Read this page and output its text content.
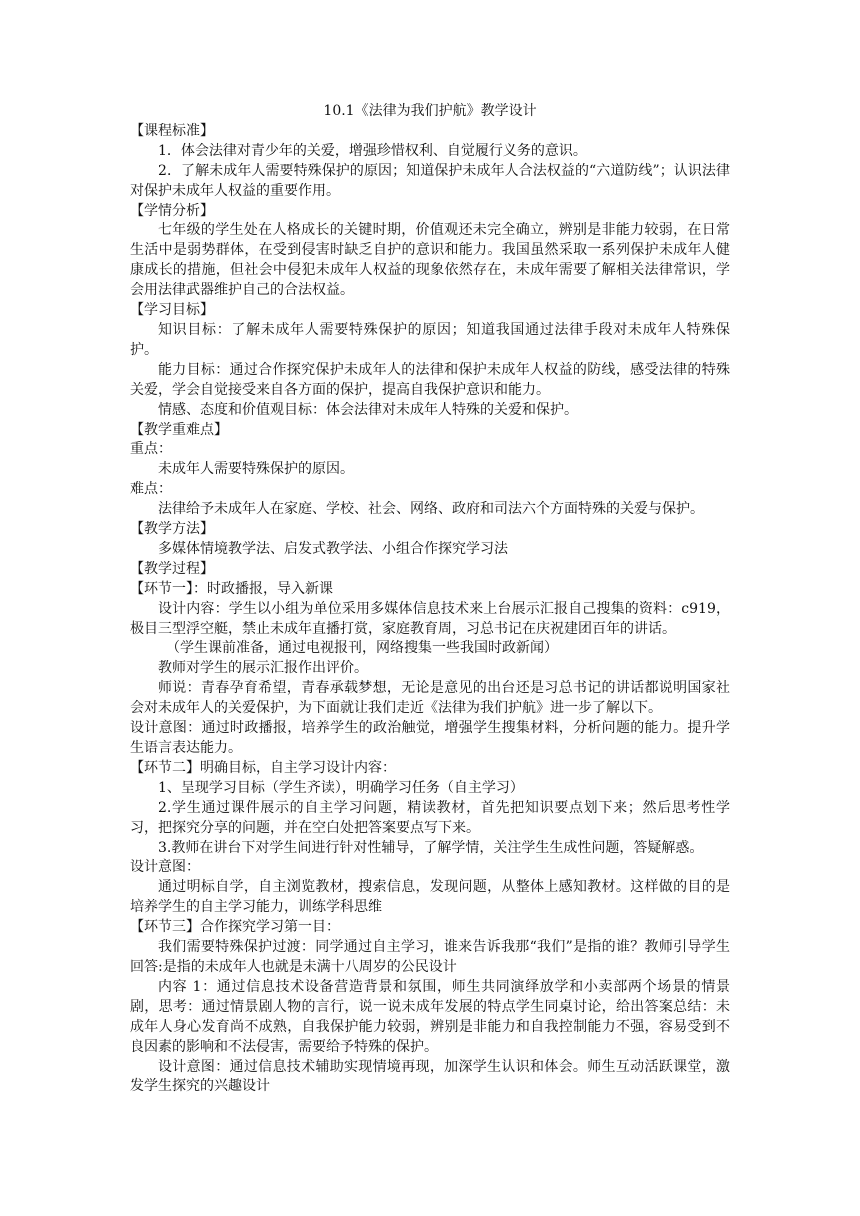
10.1《法律为我们护航》教学设计

【课程标准】

1．体会法律对青少年的关爱，增强珍惜权利、自觉履行义务的意识。

2．了解未成年人需要特殊保护的原因；知道保护未成年人合法权益的“六道防线”；认识法律对保护未成年人权益的重要作用。

【学情分析】

七年级的学生处在人格成长的关键时期，价值观还未完全确立，辨别是非能力较弱，在日常生活中是弱势群体，在受到侵害时缺乏自护的意识和能力。我国虽然采取一系列保护未成年人健康成长的措施，但社会中侵犯未成年人权益的现象依然存在，未成年需要了解相关法律常识，学会用法律武器维护自己的合法权益。

【学习目标】

知识目标：了解未成年人需要特殊保护的原因；知道我国通过法律手段对未成年人特殊保护。

能力目标：通过合作探究保护未成年人的法律和保护未成年人权益的防线，感受法律的特殊关爱，学会自觉接受来自各方面的保护，提高自我保护意识和能力。

情感、态度和价值观目标：体会法律对未成年人特殊的关爱和保护。

【教学重难点】

重点：

未成年人需要特殊保护的原因。

难点：

法律给予未成年人在家庭、学校、社会、网络、政府和司法六个方面特殊的关爱与保护。

【教学方法】

多媒体情境教学法、启发式教学法、小组合作探究学习法

【教学过程】

【环节一】：时政播报，导入新课

设计内容：学生以小组为单位采用多媒体信息技术来上台展示汇报自己搜集的资料：c919，极目三型浮空艇，禁止未成年直播打赏，家庭教育周，习总书记在庆祝建团百年的讲话。

（学生课前准备，通过电视报刊，网络搜集一些我国时政新闻）

教师对学生的展示汇报作出评价。

师说：青春孕育希望，青春承载梦想，无论是意见的出台还是习总书记的讲话都说明国家社会对未成年人的关爱保护，为下面就让我们走近《法律为我们护航》进一步了解以下。

设计意图：通过时政播报，培养学生的政治触觉，增强学生搜集材料，分析问题的能力。提升学生语言表达能力。

【环节二】明确目标，自主学习设计内容：

1、呈现学习目标（学生齐读），明确学习任务（自主学习）

2.学生通过课件展示的自主学习问题，精读教材，首先把知识要点划下来；然后思考性学习，把探究分享的问题，并在空白处把答案要点写下来。

3.教师在讲台下对学生间进行针对性辅导，了解学情，关注学生生成性问题，答疑解惑。

设计意图：

通过明标自学，自主浏览教材，搜索信息，发现问题，从整体上感知教材。这样做的目的是培养学生的自主学习能力，训练学科思维

【环节三】合作探究学习第一目：

我们需要特殊保护过渡：同学通过自主学习，谁来告诉我那“我们”是指的谁？教师引导学生回答:是指的未成年人也就是未满十八周岁的公民设计

内容 1：通过信息技术设备营造背景和氛围，师生共同演绎放学和小卖部两个场景的情景剧，思考：通过情景剧人物的言行，说一说未成年发展的特点学生同桌讨论，给出答案总结：未成年人身心发育尚不成熟，自我保护能力较弱，辨别是非能力和自我控制能力不强，容易受到不良因素的影响和不法侵害，需要给予特殊的保护。

设计意图：通过信息技术辅助实现情境再现，加深学生认识和体会。师生互动活跃课堂，激发学生探究的兴趣设计
